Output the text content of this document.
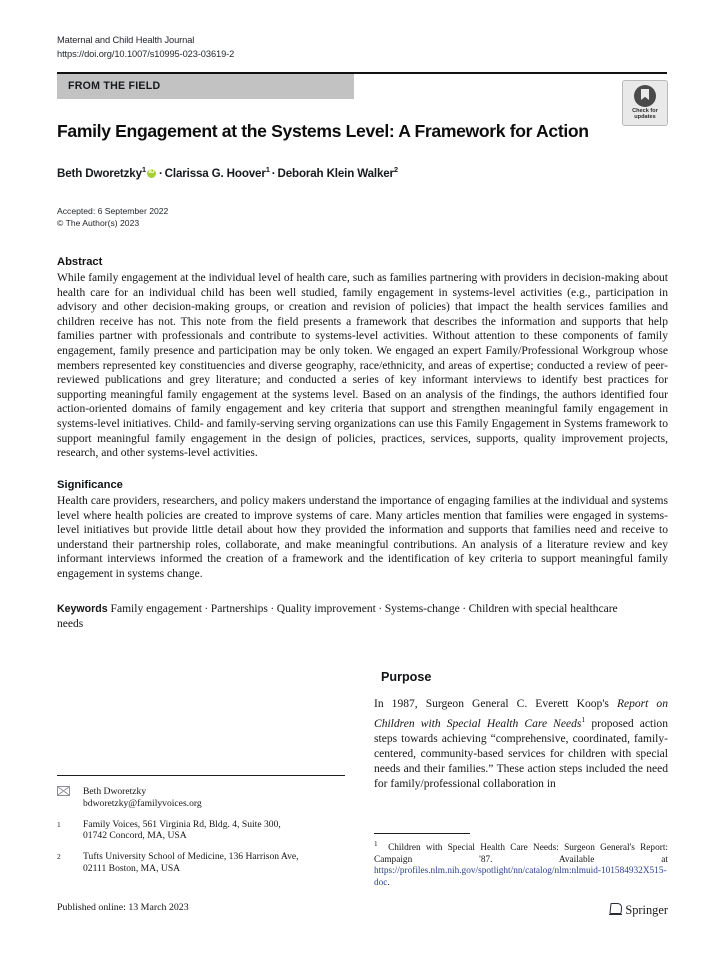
Maternal and Child Health Journal
https://doi.org/10.1007/s10995-023-03619-2
FROM THE FIELD
Check for
updates
Family Engagement at the Systems Level: A Framework for Action
Beth Dworetzky$^1$ iD · Clarissa G. Hoover$^1$ · Deborah Klein Walker$^2$
Accepted: 6 September 2022
© The Author(s) 2023
Abstract

While family engagement at the individual level of health care, such as families partnering with providers in decision-making about health care for an individual child has been well studied, family engagement in systems-level activities (e.g., participation in advisory and other decision-making groups, or creation and revision of policies) that impact the health services families and children receive has not. This note from the field presents a framework that describes the information and supports that help families partner with professionals and contribute to systems-level activities. Without attention to these components of family engagement, family presence and participation may be only token. We engaged an expert Family/Professional Workgroup whose members represented key constituencies and diverse geography, race/ethnicity, and areas of expertise; conducted a review of peer-reviewed publications and grey literature; and conducted a series of key informant interviews to identify best practices for supporting meaningful family engagement at the systems level. Based on an analysis of the findings, the authors identified four action-oriented domains of family engagement and key criteria that support and strengthen meaningful family engagement in systems-level initiatives. Child- and family-serving serving organizations can use this Family Engagement in Systems framework to support meaningful family engagement in the design of policies, practices, services, supports, quality improvement projects, research, and other systems-level activities.

Significance

Health care providers, researchers, and policy makers understand the importance of engaging families at the individual and systems level where health policies are created to improve systems of care. Many articles mention that families were engaged in systems-level initiatives but provide little detail about how they provided the information and supports that families need and receive to understand their partnership roles, collaborate, and make meaningful contributions. An analysis of a literature review and key informant interviews informed the creation of a framework and the identification of key criteria to support meaningful family engagement in systems change.

Keywords Family engagement · Partnerships · Quality improvement · Systems-change · Children with special healthcare needs
Beth Dworetzky
bdworetzky@familyvoices.org
$^1$	Family Voices, 561 Virginia Rd, Bldg. 4, Suite 300,
01742 Concord, MA, USA
$^2$	Tufts University School of Medicine, 136 Harrison Ave,
02111 Boston, MA, USA
Purpose
In 1987, Surgeon General C. Everett Koop's Report on Children with Special Health Care Needs$^1$ proposed action steps towards achieving “comprehensive, coordinated, family-centered, community-based services for children with special needs and their families.” These action steps included the need for family/professional collaboration in
$^1$ Children with Special Health Care Needs: Surgeon General's Report: Campaign '87. Available at https://profiles.nlm.nih.gov/spotlight/nn/catalog/nlm:nlmuid-101584932X515-doc.
Published online: 13 March 2023	Springer
